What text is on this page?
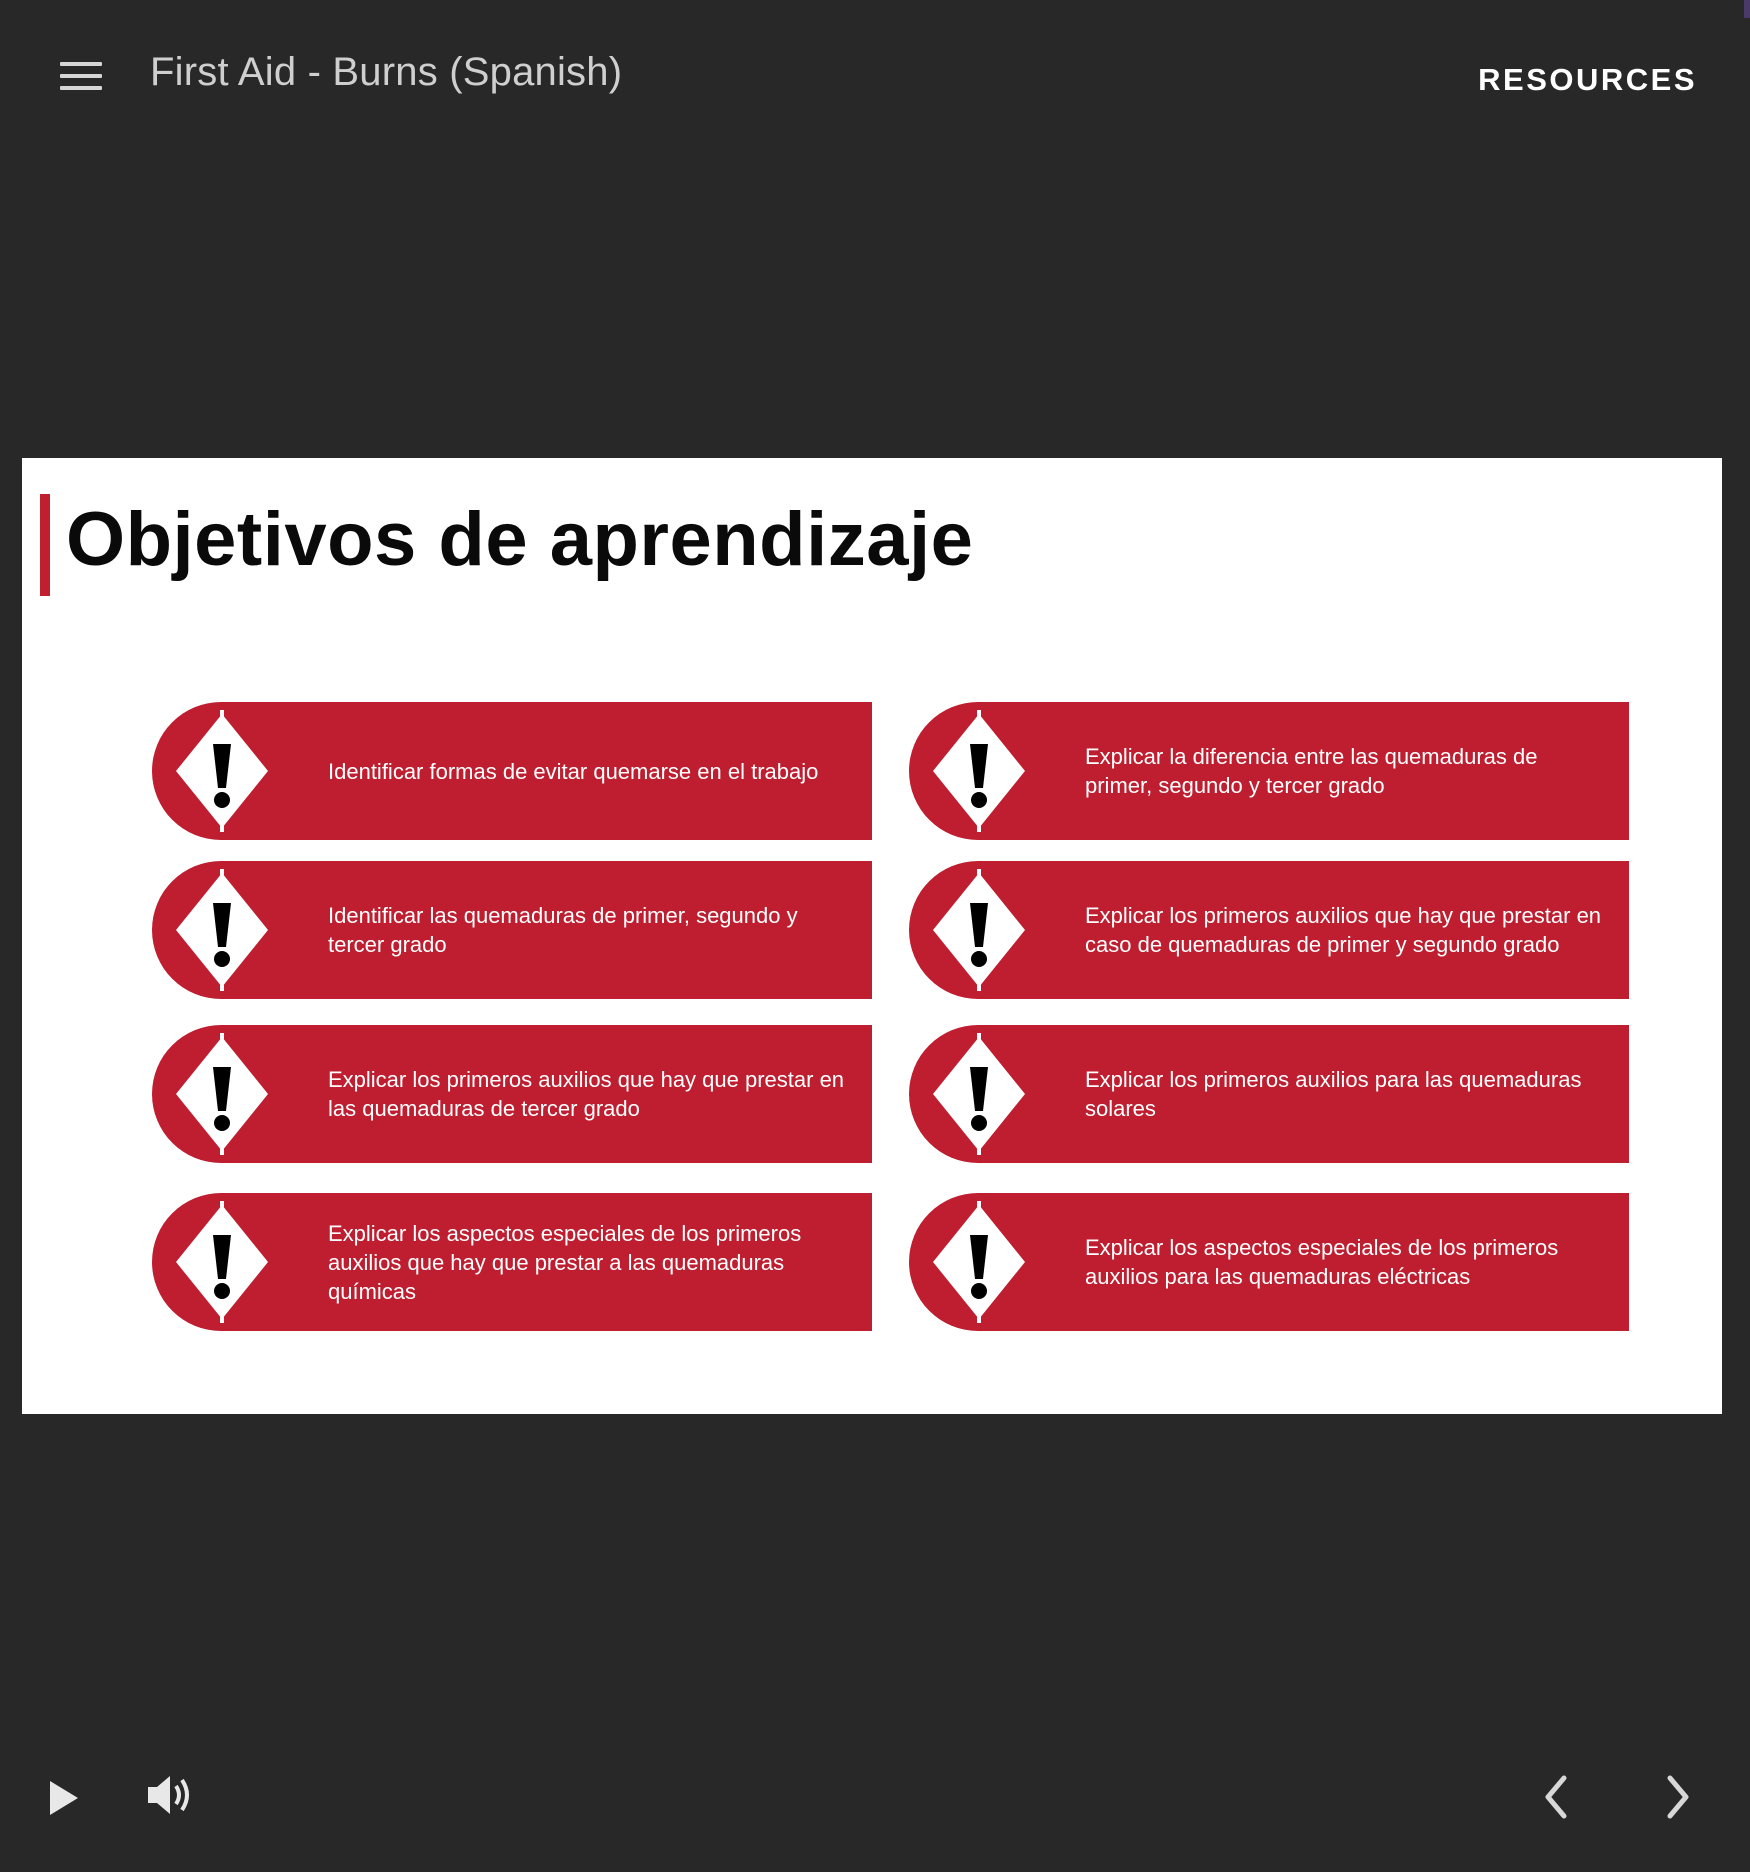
First Aid - Burns (Spanish)	RESOURCES
Objetivos de aprendizaje
Identificar formas de evitar quemarse en el trabajo
Explicar la diferencia entre las quemaduras de primer, segundo y tercer grado
Identificar las quemaduras de primer, segundo y tercer grado
Explicar los primeros auxilios que hay que prestar en caso de quemaduras de primer y segundo grado
Explicar los primeros auxilios que hay que prestar en las quemaduras de tercer grado
Explicar los primeros auxilios para las quemaduras solares
Explicar los aspectos especiales de los primeros auxilios que hay que prestar a las quemaduras químicas
Explicar los aspectos especiales de los primeros auxilios para las quemaduras eléctricas
